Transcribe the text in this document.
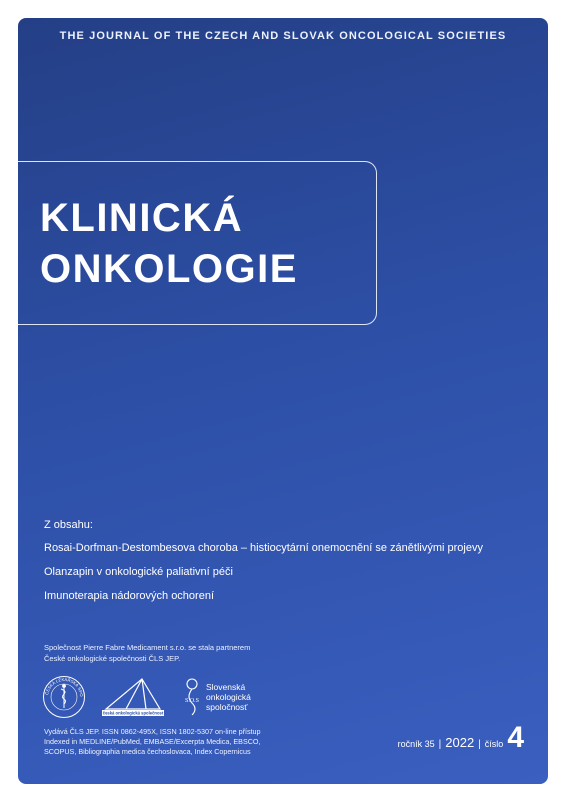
THE JOURNAL OF THE CZECH AND SLOVAK ONCOLOGICAL SOCIETIES
KLINICKÁ
ONKOLOGIE
Z obsahu:
Rosai-Dorfman-Destombesova choroba – histiocytární onemocnění se zánětlivými projevy
Olanzapin v onkologické paliativní péči
Imunoterapia nádorových ochorení
Společnost Pierre Fabre Medicament s.r.o. se stala partnerem
České onkologické společnosti ČLS JEP.
ČESKÁ LÉKAŘSKÁ SPO
česká onkologická společnost
S.O.S
Slovenská
onkologická
spoločnosť
Vydává ČLS JEP. ISSN 0862-495X, ISSN 1802-5307 on-line přístup
Indexed in MEDLINE/PubMed, EMBASE/Excerpta Medica, EBSCO,
SCOPUS, Bibliographia medica čechoslovaca, Index Copernicus
ročník 35 | 2022 | číslo 4
